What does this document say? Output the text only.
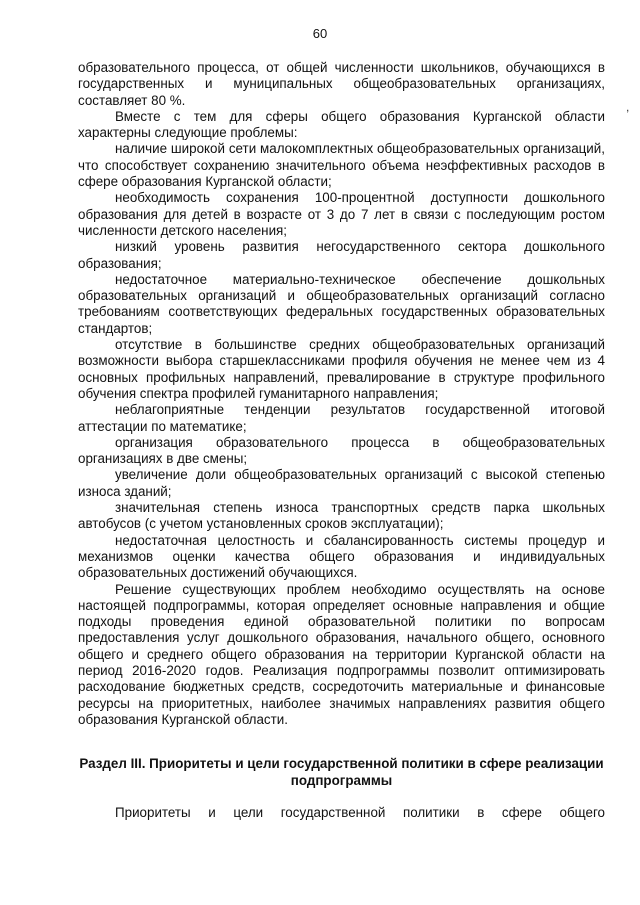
60
,

образовательного процесса, от общей численности школьников, обучающихся в государственных и муниципальных общеобразовательных организациях, составляет 80 %.

Вместе с тем для сферы общего образования Курганской области характерны следующие проблемы:

наличие широкой сети малокомплектных общеобразовательных организаций, что способствует сохранению значительного объема неэффективных расходов в сфере образования Курганской области;

необходимость сохранения 100-процентной доступности дошкольного образования для детей в возрасте от 3 до 7 лет в связи с последующим ростом численности детского населения;

низкий уровень развития негосударственного сектора дошкольного образования;

недостаточное материально-техническое обеспечение дошкольных образовательных организаций и общеобразовательных организаций согласно требованиям соответствующих федеральных государственных образовательных стандартов;

отсутствие в большинстве средних общеобразовательных организаций возможности выбора старшеклассниками профиля обучения не менее чем из 4 основных профильных направлений, превалирование в структуре профильного обучения спектра профилей гуманитарного направления;

неблагоприятные тенденции результатов государственной итоговой аттестации по математике;

организация образовательного процесса в общеобразовательных организациях в две смены;

увеличение доли общеобразовательных организаций с высокой степенью износа зданий;

значительная степень износа транспортных средств парка школьных автобусов (с учетом установленных сроков эксплуатации);

недостаточная целостность и сбалансированность системы процедур и механизмов оценки качества общего образования и индивидуальных образовательных достижений обучающихся.

Решение существующих проблем необходимо осуществлять на основе настоящей подпрограммы, которая определяет основные направления и общие подходы проведения единой образовательной политики по вопросам предоставления услуг дошкольного образования, начального общего, основного общего и среднего общего образования на территории Курганской области на период 2016-2020 годов. Реализация подпрограммы позволит оптимизировать расходование бюджетных средств, сосредоточить материальные и финансовые ресурсы на приоритетных, наиболее значимых направлениях развития общего образования Курганской области.

Раздел III. Приоритеты и цели государственной политики в сфере реализации подпрограммы
Приоритеты и цели государственной политики в сфере общего
